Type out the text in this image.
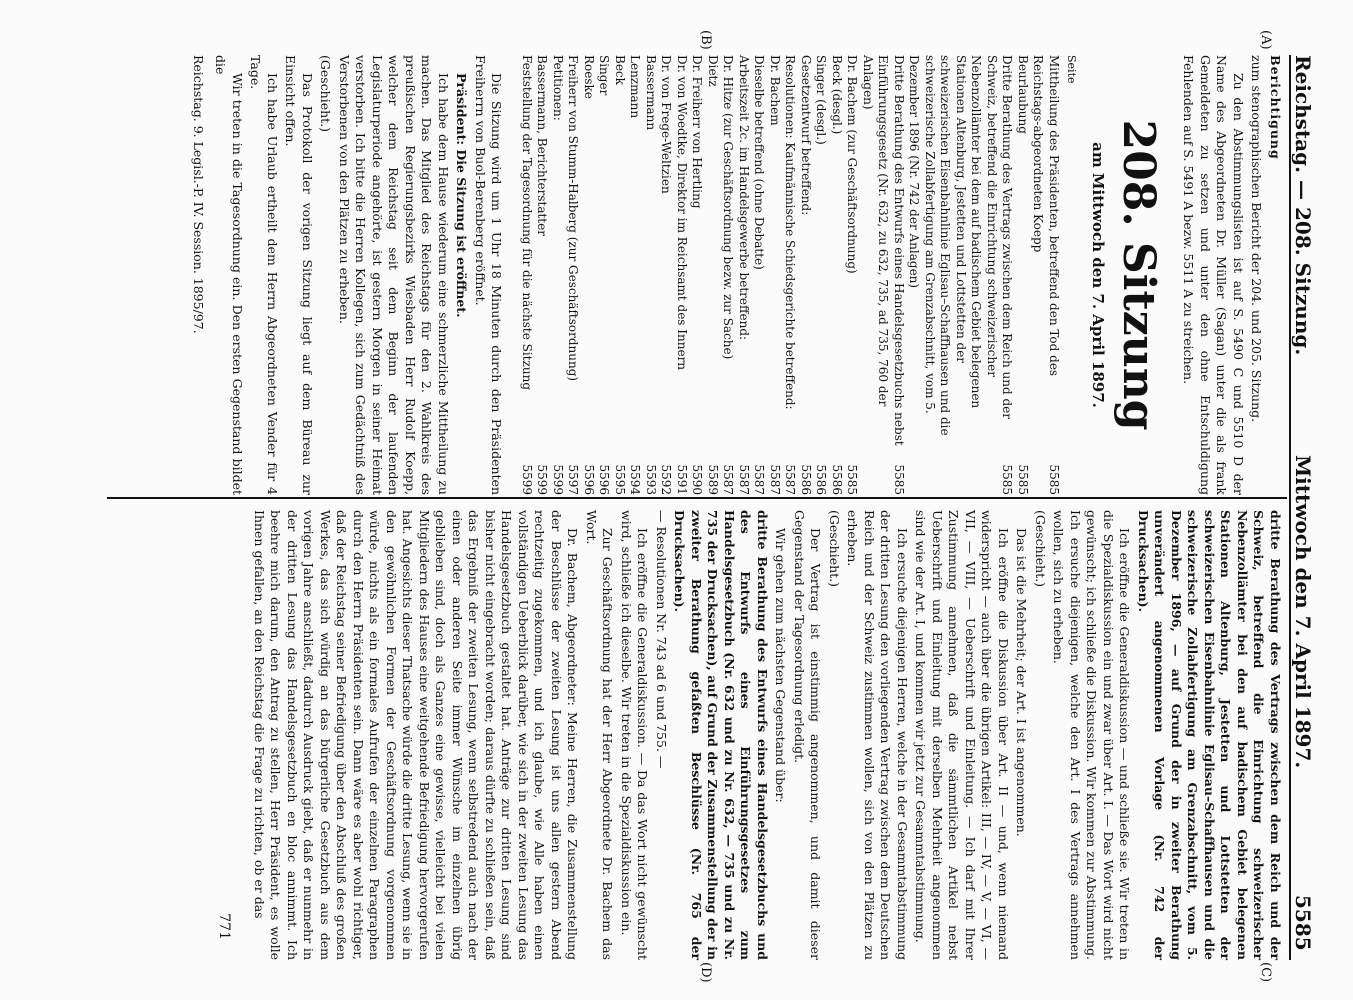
Reichstag. — 208. Sitzung.
Mittwoch den 7. April 1897.
5585
(A)
(B)
(C)
(D)

Berichtigung

zum stenographischen Bericht der 204. und 205. Sitzung.

Zu den Abstimmungslisten ist auf S. 5490 C und 5510 D der Name des Abgeordneten Dr. Müller (Sagan) unter die als frank Gemeldeten zu setzen und unter den ohne Entschuldigung Fehlenden auf S. 5491 A bezw. 5511 A zu streichen.

208. Sitzung
am Mittwoch den 7. April 1897.

Seite

Mittheilung des Präsidenten, betreffend den Tod des Reichstags-abgeordneten Koepp
5585
Beurlaubung
5585
Dritte Berathung des Vertrags zwischen dem Reich und der Schweiz, betreffend die Einrichtung schweizerischer Nebenzollämter bei dem auf badischem Gebiet belegenen Stationen Altenburg, Jestetten und Lottstetten der schweizerischen Eisenbahnlinie Eglisau–Schaffhausen und die schweizerische Zollabfertigung am Grenzabschnitt, vom 5. Dezember 1896 (Nr. 742 der Anlagen)
5585
Dritte Berathung des Entwurfs eines Handelsgesetzbuchs nebst Einführungsgesetz (Nr. 632, zu 632, 735, ad 735, 760 der Anlagen)
5585
Dr. Bachem (zur Geschäftsordnung)
5585
Beck (desgl.)
5586
Singer (desgl.)
5586
Gesetzentwurf betreffend:
5586
Resolutionen: Kaufmännische Schiedsgerichte betreffend:
5587
Dr. Bachem
5587
Dieselbe betreffend (ohne Debatte)
5587
Arbeitszeit 2c. im Handelsgewerbe betreffend:
5587
Dr. Hitze (zur Geschäftsordnung bezw. zur Sache)
5587
Dietz
5589
Dr. Freiherr von Hertling
5590
Dr. von Woedtke, Direktor im Reichsamt des Innern
5591
Dr. von Frege-Weltzien
5592
Bassermann
5593
Lenzmann
5594
Beck
5595
Singer
5596
Roeske
5596
Freiherr von Stumm-Halberg (zur Geschäftsordnung)
5597
Petitionen:
5599
Bassermann, Berichterstatter
5599
Feststellung der Tagesordnung für die nächste Sitzung
5599

Die Sitzung wird um 1 Uhr 18 Minuten durch den Präsidenten Freiherrn von Buol-Berenberg eröffnet.

Präsident: Die Sitzung ist eröffnet.

Ich habe dem Hause wiederum eine schmerzliche Mittheilung zu machen. Das Mitglied des Reichstags für den 2. Wahlkreis des preußischen Regierungsbezirks Wiesbaden Herr Rudolf Koepp, welcher dem Reichstag seit dem Beginn der laufenden Legislaturperiode angehörte, ist gestern Morgen in seiner Heimat verstorben. Ich bitte die Herren Kollegen, sich zum Gedächtniß des Verstorbenen von den Plätzen zu erheben.

(Geschieht.)

Das Protokoll der vorigen Sitzung liegt auf dem Büreau zur Einsicht offen.

Ich habe Urlaub ertheilt dem Herrn Abgeordneten Vender für 4 Tage.

Wir treten in die Tagesordnung ein. Den ersten Gegenstand bildet die

Reichstag. 9. Legisl.-P. IV. Session. 1895/97.

dritte Berathung des Vertrags zwischen dem Reich und der Schweiz, betreffend die Einrichtung schweizerischer Nebenzollämter bei den auf badischem Gebiet belegenen Stationen Altenburg, Jestetten und Lottstetten der schweizerischen Eisenbahnlinie Eglisau–Schaffhausen und die schweizerische Zollabfertigung am Grenzabschnitt, vom 5. Dezember 1896, — auf Grund der in zweiter Berathung unverändert angenommenen Vorlage (Nr. 742 der Drucksachen).

Ich eröffne die Generaldiskussion — und schließe sie. Wir treten in die Spezialdiskussion ein und zwar über Art. I. — Das Wort wird nicht gewünscht; ich schließe die Diskussion. Wir kommen zur Abstimmung. Ich ersuche diejenigen, welche den Art. I des Vertrags annehmen wollen, sich zu erheben.

(Geschieht.)

Das ist die Mehrheit; der Art. I ist angenommen.

Ich eröffne die Diskussion über Art. II — und, wenn niemand widerspricht — auch über die übrigen Artikel: III, — IV, — V, — VI, — VII, — VIII, — Ueberschrift und Einleitung. — Ich darf mit Ihrer Zustimmung annehmen, daß die sämmtlichen Artikel nebst Ueberschrift und Einleitung mit derselben Mehrheit angenommen sind wie der Art. I, und kommen wir jetzt zur Gesammtabstimmung.

Ich ersuche diejenigen Herren, welche in der Gesammtabstimmung der dritten Lesung den vorliegenden Vertrag zwischen dem Deutschen Reich und der Schweiz zustimmen wollen, sich von den Plätzen zu erheben.

(Geschieht.)

Der Vertrag ist einstimmig angenommen, und damit dieser Gegenstand der Tagesordnung erledigt.

Wir gehen zum nächsten Gegenstand über:

dritte Berathung des Entwurfs eines Handelsgesetzbuchs und des Entwurfs eines Einführungsgesetzes zum Handelsgesetzbuch (Nr. 632 und zu Nr. 632, — 735 und zu Nr. 735 der Drucksachen), auf Grund der Zusammenstellung der in zweiter Berathung gefaßten Beschlüsse (Nr. 765 der Drucksachen).

— Resolutionen Nr. 743 ad 6 und 755. —

Ich eröffne die Generaldiskussion. — Da das Wort nicht gewünscht wird, schließe ich dieselbe. Wir treten in die Spezialdiskussion ein.

Zur Geschäftsordnung hat der Herr Abgeordnete Dr. Bachem das Wort.

Dr. Bachem, Abgeordneter: Meine Herren, die Zusammenstellung der Beschlüsse der zweiten Lesung ist uns allen gestern Abend rechtzeitig zugekommen, und ich glaube, wie Alle haben einen vollständigen Ueberblick darüber, wie sich in der zweiten Lesung das Handelsgesetzbuch gestaltet hat. Anträge zur dritten Lesung sind bisher nicht eingebracht worden; daraus dürfte zu schließen sein, daß das Ergebniß der zweiten Lesung, wenn selbstredend auch nach der einen oder anderen Seite immer Wünsche im einzelnen übrig geblieben sind, doch als Ganzes eine gewisse, vielleicht bei vielen Mitgliedern des Hauses eine weitgehende Befriedigung hervorgerufen hat. Angesichts dieser Thatsache würde die dritte Lesung, wenn sie in den gewöhnlichen Formen der Geschäftsordnung vorgenommen würde, nichts als ein formales Aufrufen der einzelnen Paragraphen durch den Herrn Präsidenten sein. Dann wäre es aber wohl richtiger, daß der Reichstag seiner Befriedigung über den Abschluß des großen Werkes, das sich würdig an das bürgerliche Gesetzbuch aus dem vorigen Jahre anschließt, dadurch Ausdruck giebt, daß er nunmehr in der dritten Lesung das Handelsgesetzbuch en bloc annimmt. Ich beehre mich darum, den Antrag zu stellen, Herr Präsident, es wolle Ihnen gefallen, an den Reichstag die Frage zu richten, ob er das

771
